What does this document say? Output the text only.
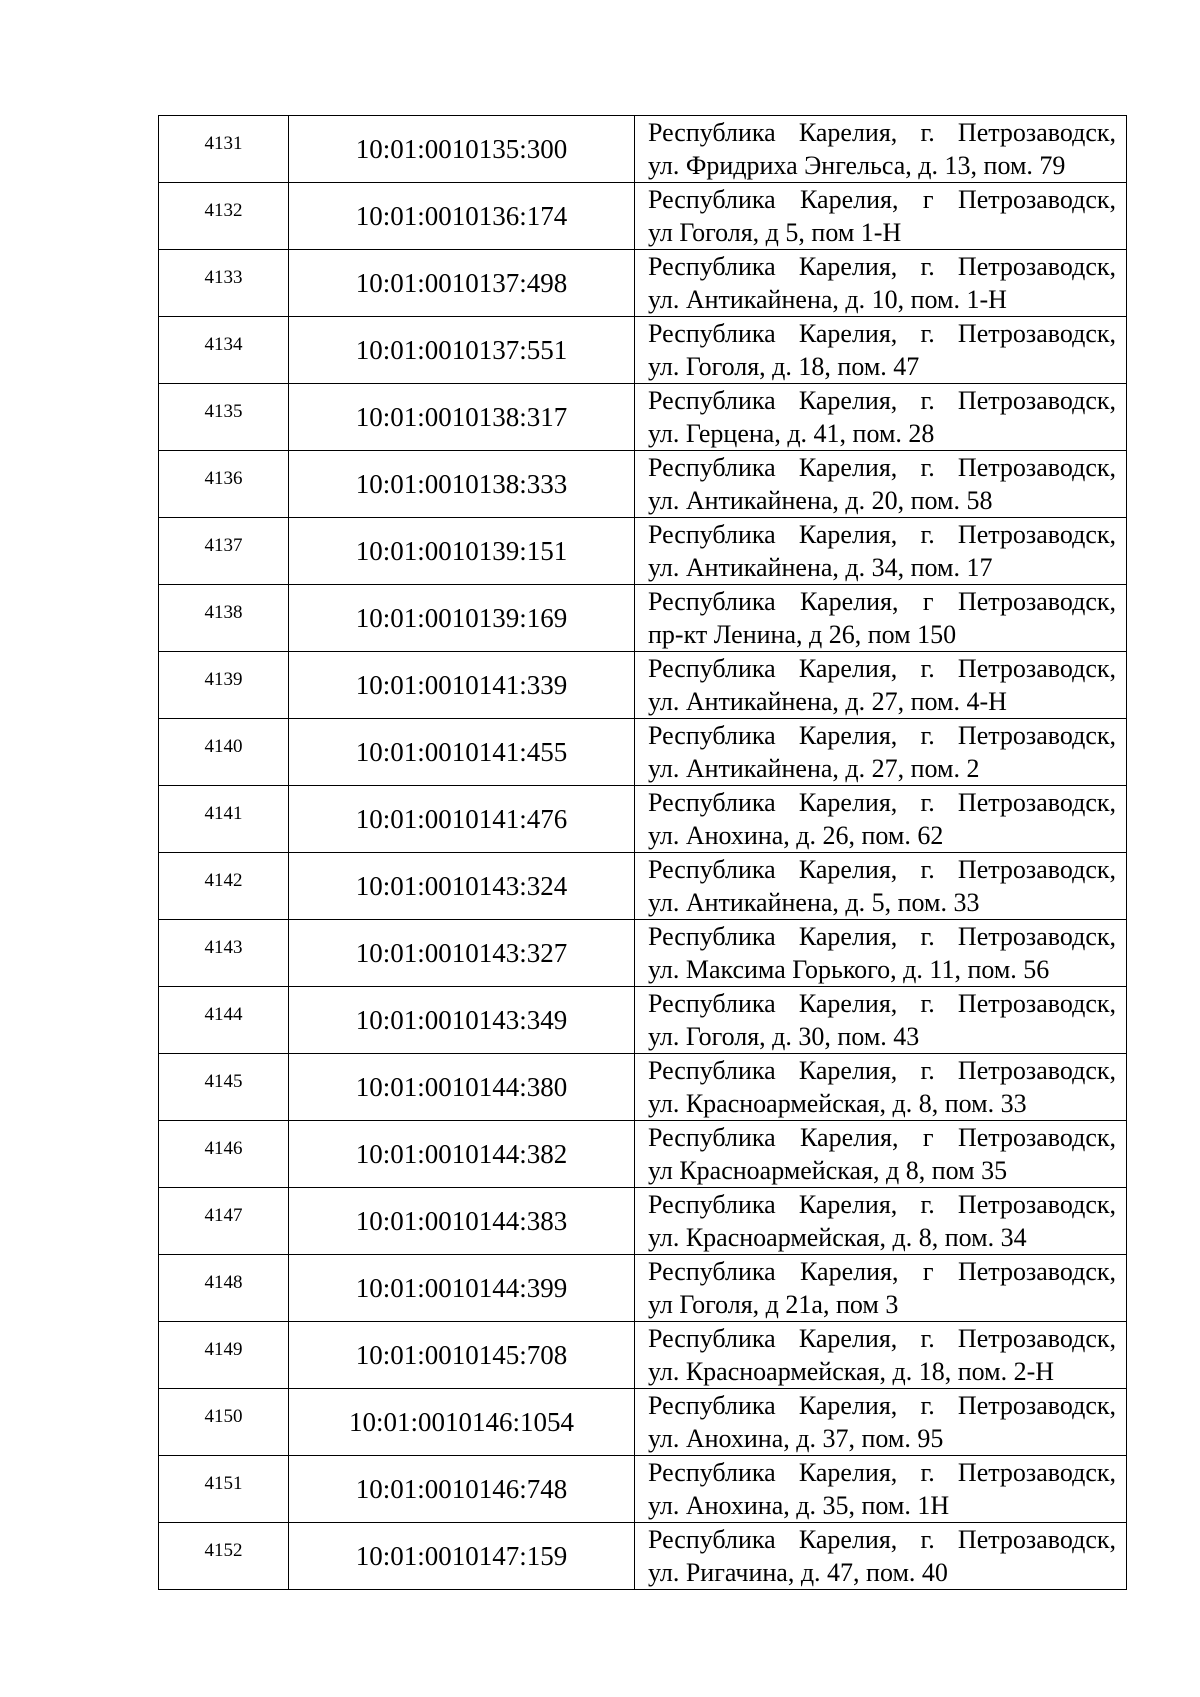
4131	10:01:0010135:300	Республика Карелия, г. Петрозаводск,
ул. Фридриха Энгельса, д. 13, пом. 79

4132	10:01:0010136:174	Республика Карелия, г Петрозаводск,
ул Гоголя, д 5, пом 1-Н

4133	10:01:0010137:498	Республика Карелия, г. Петрозаводск,
ул. Антикайнена, д. 10, пом. 1-Н

4134	10:01:0010137:551	Республика Карелия, г. Петрозаводск,
ул. Гоголя, д. 18, пом. 47

4135	10:01:0010138:317	Республика Карелия, г. Петрозаводск,
ул. Герцена, д. 41, пом. 28

4136	10:01:0010138:333	Республика Карелия, г. Петрозаводск,
ул. Антикайнена, д. 20, пом. 58

4137	10:01:0010139:151	Республика Карелия, г. Петрозаводск,
ул. Антикайнена, д. 34, пом. 17

4138	10:01:0010139:169	Республика Карелия, г Петрозаводск,
пр-кт Ленина, д 26, пом 150

4139	10:01:0010141:339	Республика Карелия, г. Петрозаводск,
ул. Антикайнена, д. 27, пом. 4-Н

4140	10:01:0010141:455	Республика Карелия, г. Петрозаводск,
ул. Антикайнена, д. 27, пом. 2

4141	10:01:0010141:476	Республика Карелия, г. Петрозаводск,
ул. Анохина, д. 26, пом. 62

4142	10:01:0010143:324	Республика Карелия, г. Петрозаводск,
ул. Антикайнена, д. 5, пом. 33

4143	10:01:0010143:327	Республика Карелия, г. Петрозаводск,
ул. Максима Горького, д. 11, пом. 56

4144	10:01:0010143:349	Республика Карелия, г. Петрозаводск,
ул. Гоголя, д. 30, пом. 43

4145	10:01:0010144:380	Республика Карелия, г. Петрозаводск,
ул. Красноармейская, д. 8, пом. 33

4146	10:01:0010144:382	Республика Карелия, г Петрозаводск,
ул Красноармейская, д 8, пом 35

4147	10:01:0010144:383	Республика Карелия, г. Петрозаводск,
ул. Красноармейская, д. 8, пом. 34

4148	10:01:0010144:399	Республика Карелия, г Петрозаводск,
ул Гоголя, д 21а, пом 3

4149	10:01:0010145:708	Республика Карелия, г. Петрозаводск,
ул. Красноармейская, д. 18, пом. 2-Н

4150	10:01:0010146:1054	Республика Карелия, г. Петрозаводск,
ул. Анохина, д. 37, пом. 95

4151	10:01:0010146:748	Республика Карелия, г. Петрозаводск,
ул. Анохина, д. 35, пом. 1Н

4152	10:01:0010147:159	Республика Карелия, г. Петрозаводск,
ул. Ригачина, д. 47, пом. 40
